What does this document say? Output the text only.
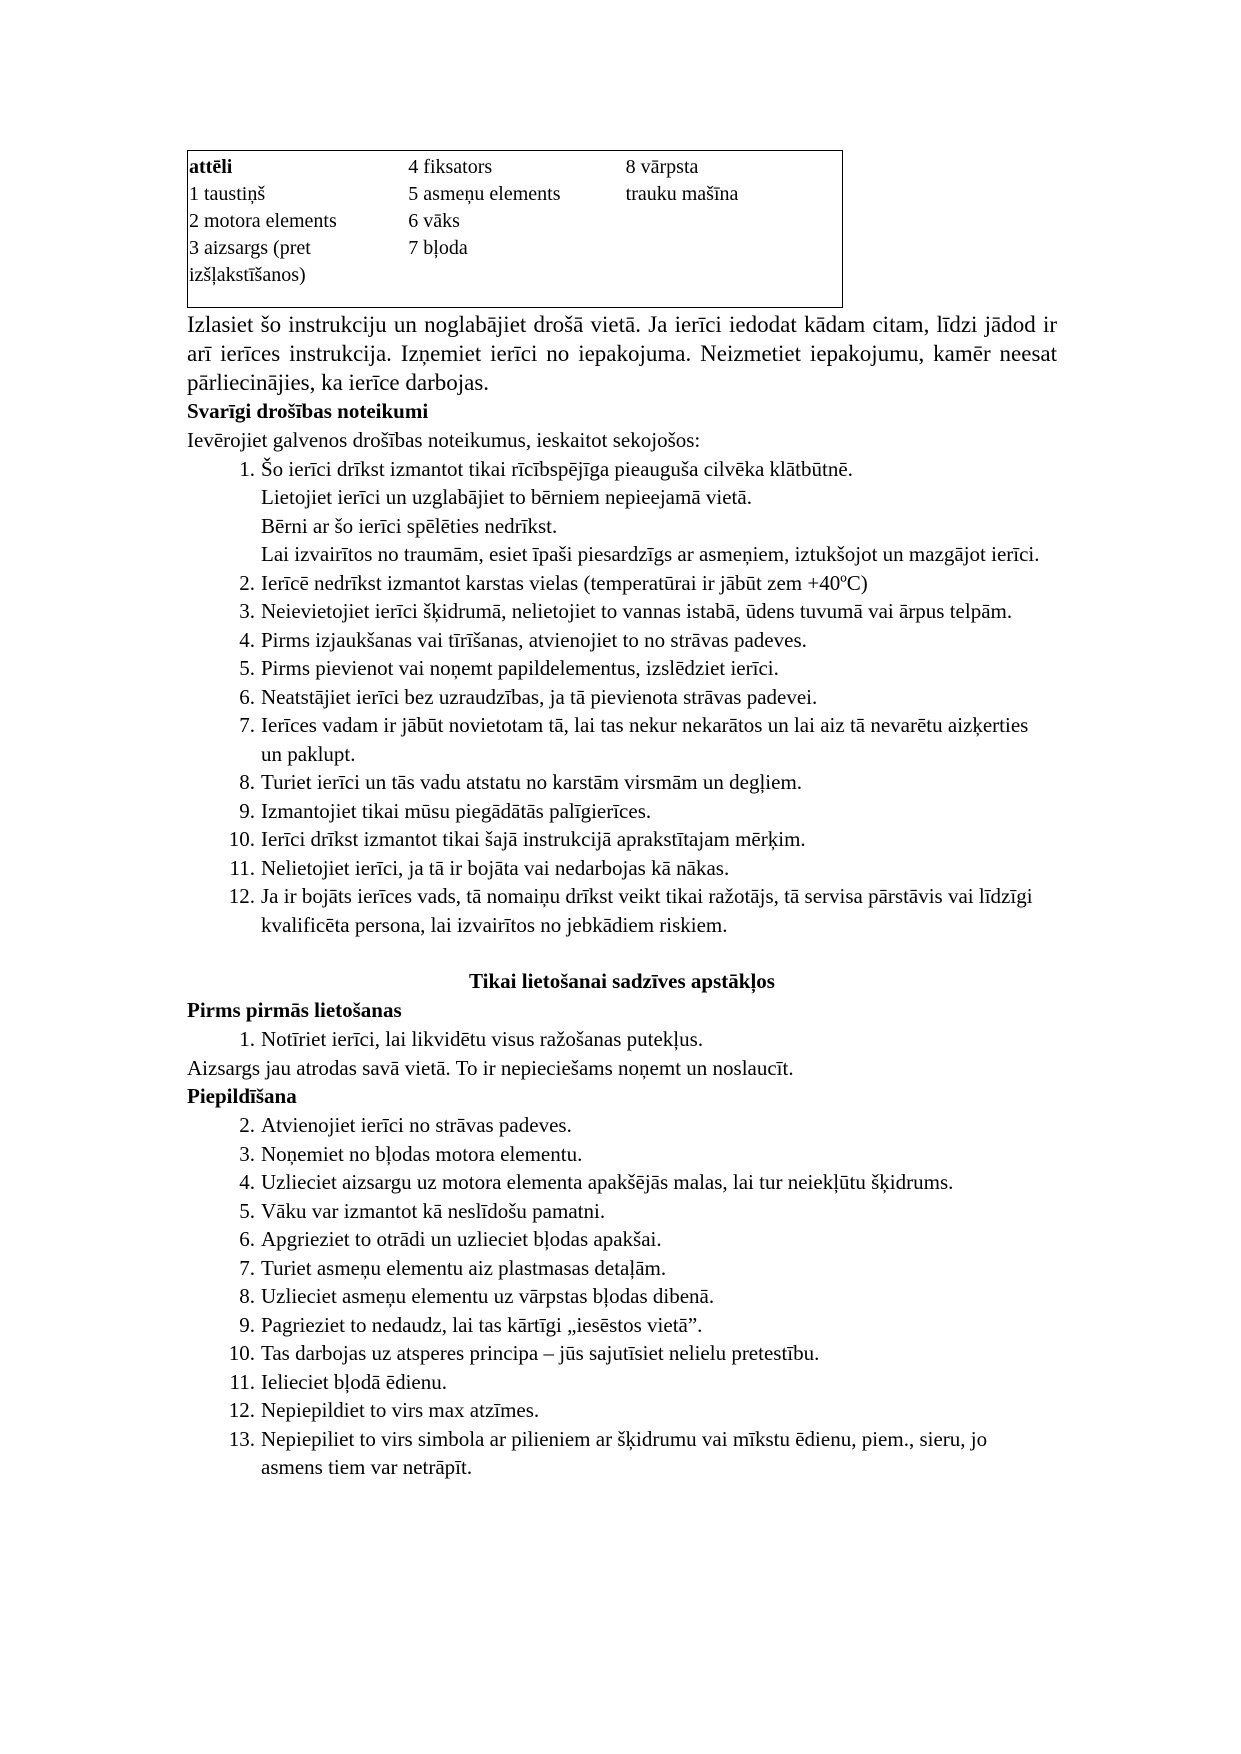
attēli
1 taustiņš
2 motora elements
3 aizsargs (pret
izšļakstīšanos)
4 fiksators
5 asmeņu elements
6 vāks
7 bļoda
8 vārpsta
trauku mašīna

Izlasiet šo instrukciju un noglabājiet drošā vietā. Ja ierīci iedodat kādam citam, līdzi jādod ir arī ierīces instrukcija. Izņemiet ierīci no iepakojuma. Neizmetiet iepakojumu, kamēr neesat pārliecinājies, ka ierīce darbojas.

Svarīgi drošības noteikumi

Ievērojiet galvenos drošības noteikumus, ieskaitot sekojošos:

1. Šo ierīci drīkst izmantot tikai rīcībspējīga pieauguša cilvēka klātbūtnē.
Lietojiet ierīci un uzglabājiet to bērniem nepieejamā vietā.
Bērni ar šo ierīci spēlēties nedrīkst.
Lai izvairītos no traumām, esiet īpaši piesardzīgs ar asmeņiem, iztukšojot un mazgājot ierīci.
2. Ierīcē nedrīkst izmantot karstas vielas (temperatūrai ir jābūt zem +40ºC)
3. Neievietojiet ierīci šķidrumā, nelietojiet to vannas istabā, ūdens tuvumā vai ārpus telpām.
4. Pirms izjaukšanas vai tīrīšanas, atvienojiet to no strāvas padeves.
5. Pirms pievienot vai noņemt papildelementus, izslēdziet ierīci.
6. Neatstājiet ierīci bez uzraudzības, ja tā pievienota strāvas padevei.
7. Ierīces vadam ir jābūt novietotam tā, lai tas nekur nekarātos un lai aiz tā nevarētu aizķerties un paklupt.
8. Turiet ierīci un tās vadu atstatu no karstām virsmām un degļiem.
9. Izmantojiet tikai mūsu piegādātās palīgierīces.
10. Ierīci drīkst izmantot tikai šajā instrukcijā aprakstītajam mērķim.
11. Nelietojiet ierīci, ja tā ir bojāta vai nedarbojas kā nākas.
12. Ja ir bojāts ierīces vads, tā nomaiņu drīkst veikt tikai ražotājs, tā servisa pārstāvis vai līdzīgi kvalificēta persona, lai izvairītos no jebkādiem riskiem.

Tikai lietošanai sadzīves apstākļos

Pirms pirmās lietošanas

1. Notīriet ierīci, lai likvidētu visus ražošanas putekļus.

Aizsargs jau atrodas savā vietā. To ir nepieciešams noņemt un noslaucīt.

Piepildīšana

2. Atvienojiet ierīci no strāvas padeves.
3. Noņemiet no bļodas motora elementu.
4. Uzlieciet aizsargu uz motora elementa apakšējās malas, lai tur neiekļūtu šķidrums.
5. Vāku var izmantot kā neslīdošu pamatni.
6. Apgrieziet to otrādi un uzlieciet bļodas apakšai.
7. Turiet asmeņu elementu aiz plastmasas detaļām.
8. Uzlieciet asmeņu elementu uz vārpstas bļodas dibenā.
9. Pagrieziet to nedaudz, lai tas kārtīgi „iesēstos vietā”.
10. Tas darbojas uz atsperes principa – jūs sajutīsiet nelielu pretestību.
11. Ielieciet bļodā ēdienu.
12. Nepiepildiet to virs max atzīmes.
13. Nepiepiliet to virs simbola ar pilieniem ar šķidrumu vai mīkstu ēdienu, piem., sieru, jo asmens tiem var netrāpīt.
